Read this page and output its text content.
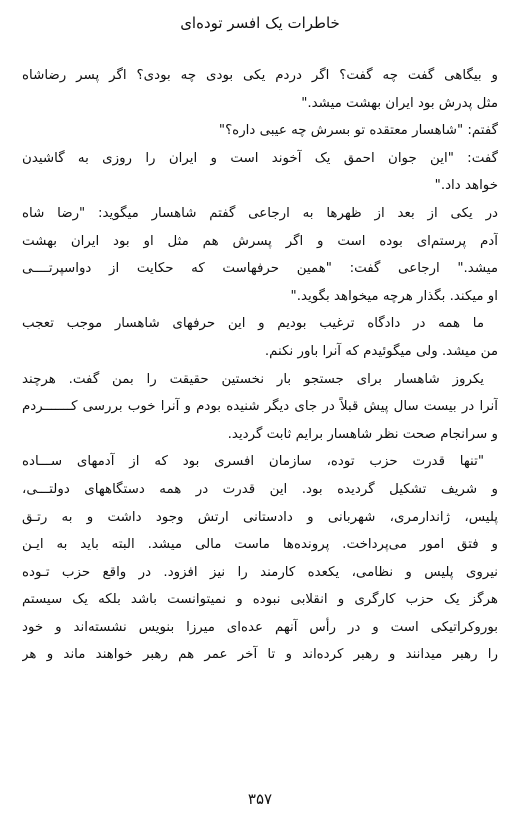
خاطرات یک افسر توده‌ای
و بیگاهی گفت چه گفت؟ اگر دردم یکی بودی چه بودی؟ اگر پسر رضاشاه
مثل پدرش بود ایران بهشت میشد."
گفتم: "شاهسار معتقده تو بسرش چه عیبی داره؟"
گفت: "این جوان احمق یک آخوند است و ایران را روزی به گاشیدن
خواهد داد."
در یکی از بعد از ظهرها به ارجاعی گفتم شاهسار میگوید: "رضا شاه
آدم پرستم‌ای بوده است و اگر پسرش هم مثل او بود ایران بهشت
میشد." ارجاعی گفت: "همین حرفهاست که حکایت از دواسپرتــــی
او میکند. بگذار هرچه میخواهد بگوید."
ما همه در دادگاه ترغیب بودیم و این حرفهای شاهسار موجب تعجب
من میشد. ولی میگوئیدم که آنرا باور نکنم.
یکروز شاهسار برای جستجو بار نخستین حقیقت را بمن گفت. هرچند
آنرا در بیست سال پیش قبلاً در جای دیگر شنیده بودم و آنرا خوب بررسی کـــــــردم
و سرانجام صحت نظر شاهسار برایم ثابت گردید.
"تنها قدرت حزب توده، سازمان افسری بود که از آدمهای ســـاده
و شریف تشکیل گردیده بود. این قدرت در همه دستگاههای دولتـــی،
پلیس، ژاندارمری، شهربانی و دادستانی ارتش وجود داشت و به رتـق
و فتق امور می‌پرداخت. پرونده‌ها ماست مالی میشد. البته باید به ایـن
نیروی پلیس و نظامی، یکعده کارمند را نیز افزود. در واقع حزب تـوده
هرگز یک حزب کارگری و انقلابی نبوده و نمیتوانست باشد بلکه یک سیستم
بوروکراتیکی است و در رأس آنهم عده‌ای میرزا بنویس نشسته‌اند و خود
را رهبر میدانند و رهبر کرده‌اند و تا آخر عمر هم رهبر خواهند ماند و هر
۳۵۷
